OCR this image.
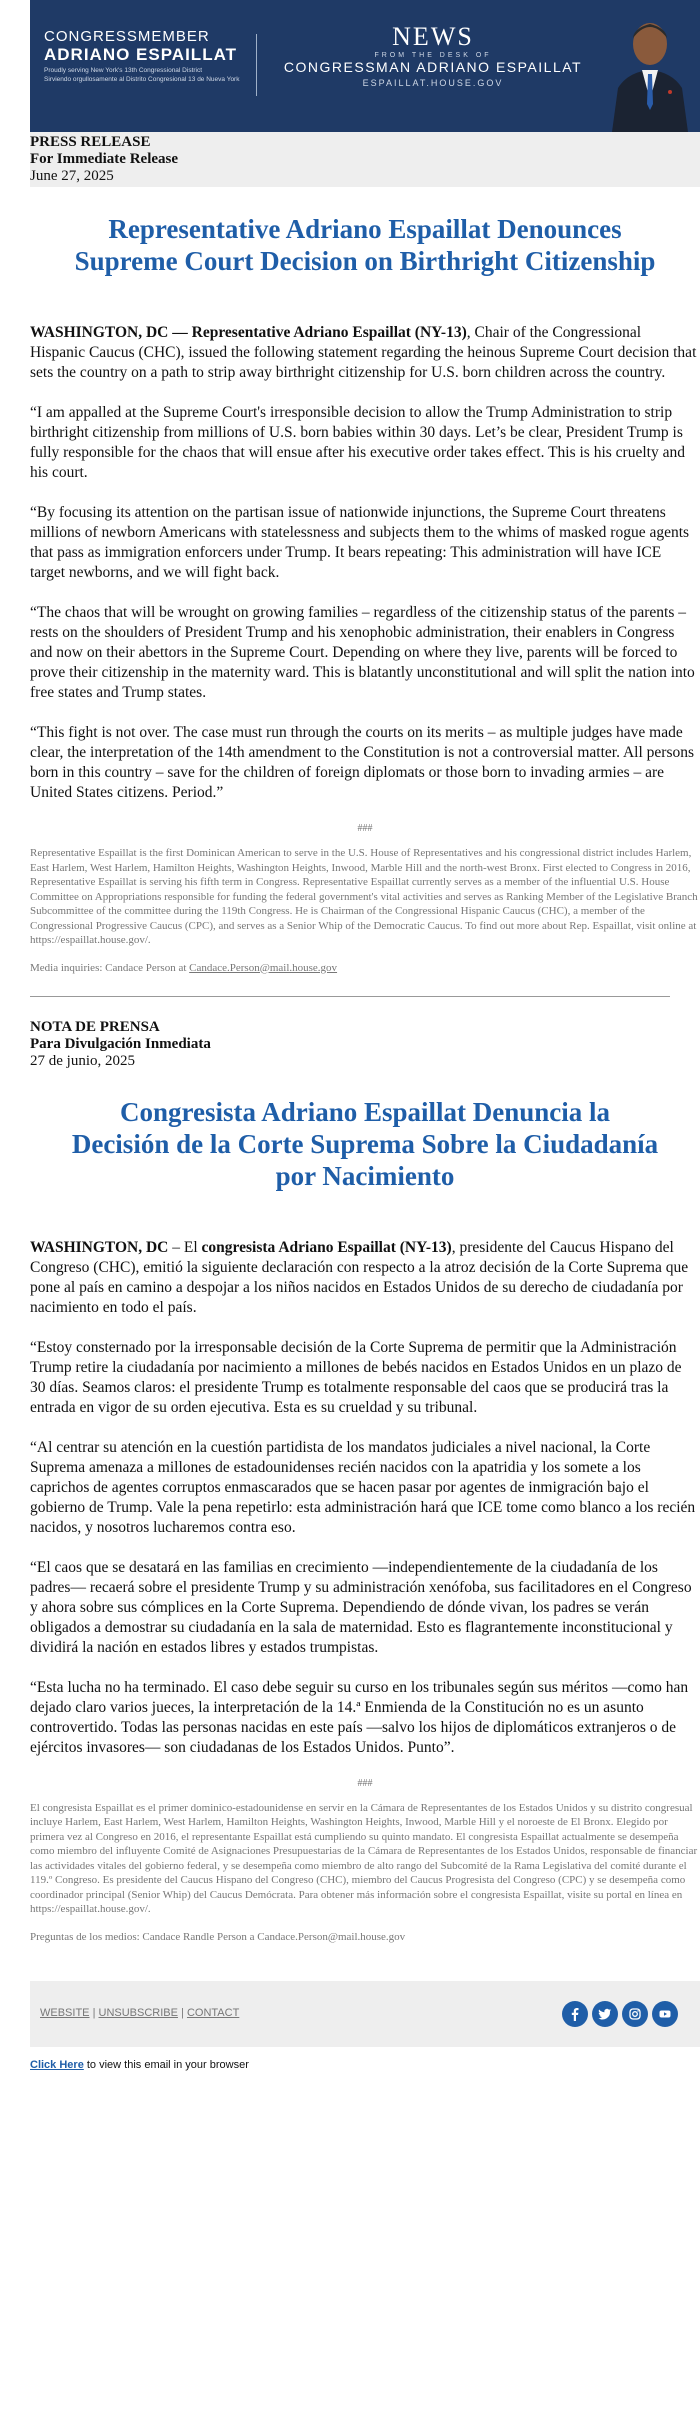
CONGRESSMEMBER
ADRIANO ESPAILLAT
Proudly serving New York's 13th Congressional District
Sirviendo orgullosamente al Distrito Congresional 13 de Nueva York
NEWS
FROM THE DESK OF
CONGRESSMAN ADRIANO ESPAILLAT
ESPAILLAT.HOUSE.GOV
PRESS RELEASE
For Immediate Release
June 27, 2025
Representative Adriano Espaillat Denounces Supreme Court Decision on Birthright Citizenship

WASHINGTON, DC — Representative Adriano Espaillat (NY-13), Chair of the Congressional Hispanic Caucus (CHC), issued the following statement regarding the heinous Supreme Court decision that sets the country on a path to strip away birthright citizenship for U.S. born children across the country.

“I am appalled at the Supreme Court's irresponsible decision to allow the Trump Administration to strip birthright citizenship from millions of U.S. born babies within 30 days. Let’s be clear, President Trump is fully responsible for the chaos that will ensue after his executive order takes effect. This is his cruelty and his court.

“By focusing its attention on the partisan issue of nationwide injunctions, the Supreme Court threatens millions of newborn Americans with statelessness and subjects them to the whims of masked rogue agents that pass as immigration enforcers under Trump. It bears repeating: This administration will have ICE target newborns, and we will fight back.

“The chaos that will be wrought on growing families – regardless of the citizenship status of the parents – rests on the shoulders of President Trump and his xenophobic administration, their enablers in Congress and now on their abettors in the Supreme Court. Depending on where they live, parents will be forced to prove their citizenship in the maternity ward. This is blatantly unconstitutional and will split the nation into free states and Trump states.

“This fight is not over. The case must run through the courts on its merits – as multiple judges have made clear, the interpretation of the 14th amendment to the Constitution is not a controversial matter. All persons born in this country – save for the children of foreign diplomats or those born to invading armies – are United States citizens. Period.”

###

Representative Espaillat is the first Dominican American to serve in the U.S. House of Representatives and his congressional district includes Harlem, East Harlem, West Harlem, Hamilton Heights, Washington Heights, Inwood, Marble Hill and the north-west Bronx. First elected to Congress in 2016, Representative Espaillat is serving his fifth term in Congress. Representative Espaillat currently serves as a member of the influential U.S. House Committee on Appropriations responsible for funding the federal government's vital activities and serves as Ranking Member of the Legislative Branch Subcommittee of the committee during the 119th Congress. He is Chairman of the Congressional Hispanic Caucus (CHC), a member of the Congressional Progressive Caucus (CPC), and serves as a Senior Whip of the Democratic Caucus. To find out more about Rep. Espaillat, visit online at https://espaillat.house.gov/.

Media inquiries: Candace Person at Candace.Person@mail.house.gov

NOTA DE PRENSA
Para Divulgación Inmediata
27 de junio, 2025
Congresista Adriano Espaillat Denuncia la Decisión de la Corte Suprema Sobre la Ciudadanía por Nacimiento

WASHINGTON, DC – El congresista Adriano Espaillat (NY-13), presidente del Caucus Hispano del Congreso (CHC), emitió la siguiente declaración con respecto a la atroz decisión de la Corte Suprema que pone al país en camino a despojar a los niños nacidos en Estados Unidos de su derecho de ciudadanía por nacimiento en todo el país.

“Estoy consternado por la irresponsable decisión de la Corte Suprema de permitir que la Administración Trump retire la ciudadanía por nacimiento a millones de bebés nacidos en Estados Unidos en un plazo de 30 días. Seamos claros: el presidente Trump es totalmente responsable del caos que se producirá tras la entrada en vigor de su orden ejecutiva. Esta es su crueldad y su tribunal.

“Al centrar su atención en la cuestión partidista de los mandatos judiciales a nivel nacional, la Corte Suprema amenaza a millones de estadounidenses recién nacidos con la apatridia y los somete a los caprichos de agentes corruptos enmascarados que se hacen pasar por agentes de inmigración bajo el gobierno de Trump. Vale la pena repetirlo: esta administración hará que ICE tome como blanco a los recién nacidos, y nosotros lucharemos contra eso.

“El caos que se desatará en las familias en crecimiento —independientemente de la ciudadanía de los padres— recaerá sobre el presidente Trump y su administración xenófoba, sus facilitadores en el Congreso y ahora sobre sus cómplices en la Corte Suprema. Dependiendo de dónde vivan, los padres se verán obligados a demostrar su ciudadanía en la sala de maternidad. Esto es flagrantemente inconstitucional y dividirá la nación en estados libres y estados trumpistas.

“Esta lucha no ha terminado. El caso debe seguir su curso en los tribunales según sus méritos —como han dejado claro varios jueces, la interpretación de la 14.ª Enmienda de la Constitución no es un asunto controvertido. Todas las personas nacidas en este país —salvo los hijos de diplomáticos extranjeros o de ejércitos invasores— son ciudadanas de los Estados Unidos. Punto”.

###

El congresista Espaillat es el primer dominico-estadounidense en servir en la Cámara de Representantes de los Estados Unidos y su distrito congresual incluye Harlem, East Harlem, West Harlem, Hamilton Heights, Washington Heights, Inwood, Marble Hill y el noroeste de El Bronx. Elegido por primera vez al Congreso en 2016, el representante Espaillat está cumpliendo su quinto mandato. El congresista Espaillat actualmente se desempeña como miembro del influyente Comité de Asignaciones Presupuestarias de la Cámara de Representantes de los Estados Unidos, responsable de financiar las actividades vitales del gobierno federal, y se desempeña como miembro de alto rango del Subcomité de la Rama Legislativa del comité durante el 119.º Congreso. Es presidente del Caucus Hispano del Congreso (CHC), miembro del Caucus Progresista del Congreso (CPC) y se desempeña como coordinador principal (Senior Whip) del Caucus Demócrata. Para obtener más información sobre el congresista Espaillat, visite su portal en línea en https://espaillat.house.gov/.

Preguntas de los medios: Candace Randle Person a Candace.Person@mail.house.gov

WEBSITE | UNSUBSCRIBE | CONTACT
Click Here to view this email in your browser
